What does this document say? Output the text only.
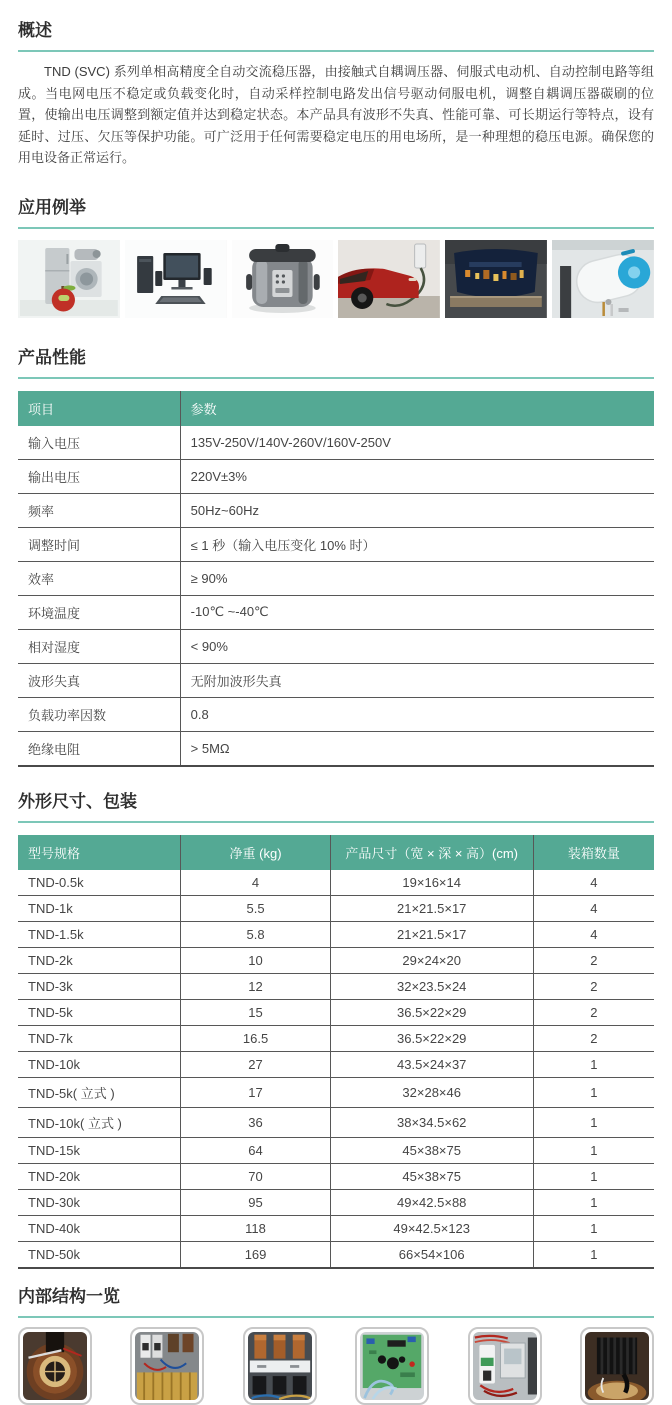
概述

TND (SVC) 系列单相高精度全自动交流稳压器，由接触式自耦调压器、伺服式电动机、自动控制电路等组成。当电网电压不稳定或负载变化时，自动采样控制电路发出信号驱动伺服电机，调整自耦调压器碳刷的位置，使输出电压调整到额定值并达到稳定状态。本产品具有波形不失真、性能可靠、可长期运行等特点，设有延时、过压、欠压等保护功能。可广泛用于任何需要稳定电压的用电场所，是一种理想的稳压电源。确保您的用电设备正常运行。

应用例举
产品性能
项目	参数
输入电压	135V-250V/140V-260V/160V-250V
输出电压	220V±3%
频率	50Hz~60Hz
调整时间	≤ 1 秒（输入电压变化 10% 时）
效率	≥ 90%
环境温度	-10℃ ~-40℃
相对湿度	< 90%
波形失真	无附加波形失真
负载功率因数	0.8
绝缘电阻	> 5MΩ
外形尺寸、包装
型号规格	净重 (kg)	产品尺寸（宽 × 深 × 高）(cm)	装箱数量
TND-0.5k	4	19×16×14	4
TND-1k	5.5	21×21.5×17	4
TND-1.5k	5.8	21×21.5×17	4
TND-2k	10	29×24×20	2
TND-3k	12	32×23.5×24	2
TND-5k	15	36.5×22×29	2
TND-7k	16.5	36.5×22×29	2
TND-10k	27	43.5×24×37	1
TND-5k( 立式 )	17	32×28×46	1
TND-10k( 立式 )	36	38×34.5×62	1
TND-15k	64	45×38×75	1
TND-20k	70	45×38×75	1
TND-30k	95	49×42.5×88	1
TND-40k	118	49×42.5×123	1
TND-50k	169	66×54×106	1
内部结构一览
